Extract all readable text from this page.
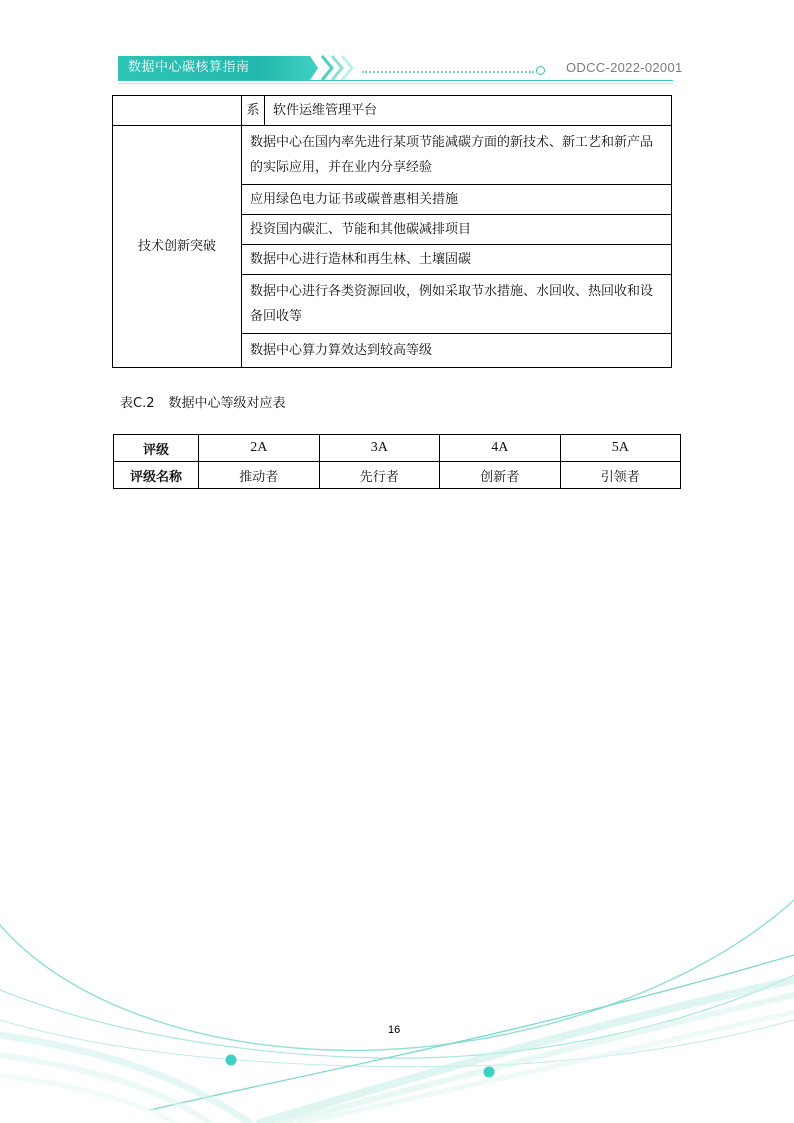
数据中心碳核算指南	ODCC-2022-02001
	系	软件运维管理平台
技术创新突破	数据中心在国内率先进行某项节能减碳方面的新技术、新工艺和新产品的实际应用，并在业内分享经验	
	应用绿色电力证书或碳普惠相关措施	
	投资国内碳汇、节能和其他碳减排项目	
	数据中心进行造林和再生林、土壤固碳	
	数据中心进行各类资源回收，例如采取节水措施、水回收、热回收和设备回收等	
	数据中心算力算效达到较高等级	
表C.2 数据中心等级对应表
评级	2A	3A	4A	5A
评级名称	推动者	先行者	创新者	引领者
16
